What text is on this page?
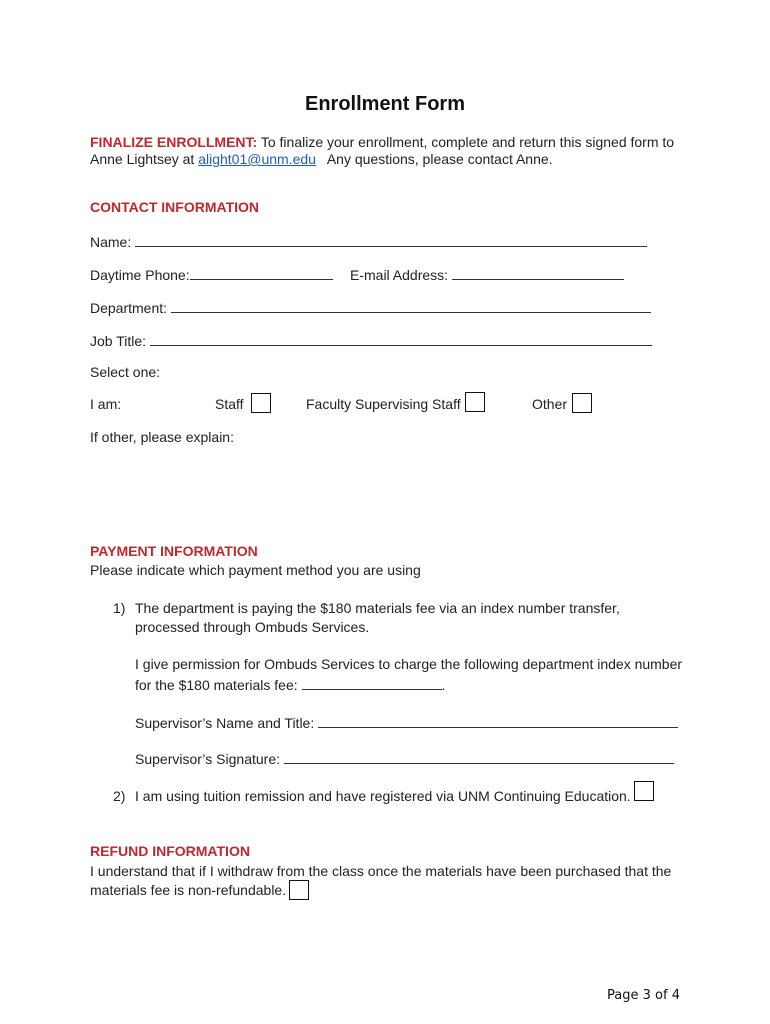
Enrollment Form
FINALIZE ENROLLMENT: To finalize your enrollment, complete and return this signed form to
Anne Lightsey at alight01@unm.edu   Any questions, please contact Anne.
CONTACT INFORMATION
Name:
Daytime Phone:	E-mail Address:
Department:
Job Title:
Select one:
I am:	Staff	Faculty Supervising Staff	Other
If other, please explain:
PAYMENT INFORMATION
Please indicate which payment method you are using
1) The department is paying the $180 materials fee via an index number transfer,
processed through Ombuds Services.
I give permission for Ombuds Services to charge the following department index number
for the $180 materials fee:	.
Supervisor’s Name and Title:
Supervisor’s Signature:
2) I am using tuition remission and have registered via UNM Continuing Education.
REFUND INFORMATION
I understand that if I withdraw from the class once the materials have been purchased that the
materials fee is non-refundable.
Page 3 of 4
